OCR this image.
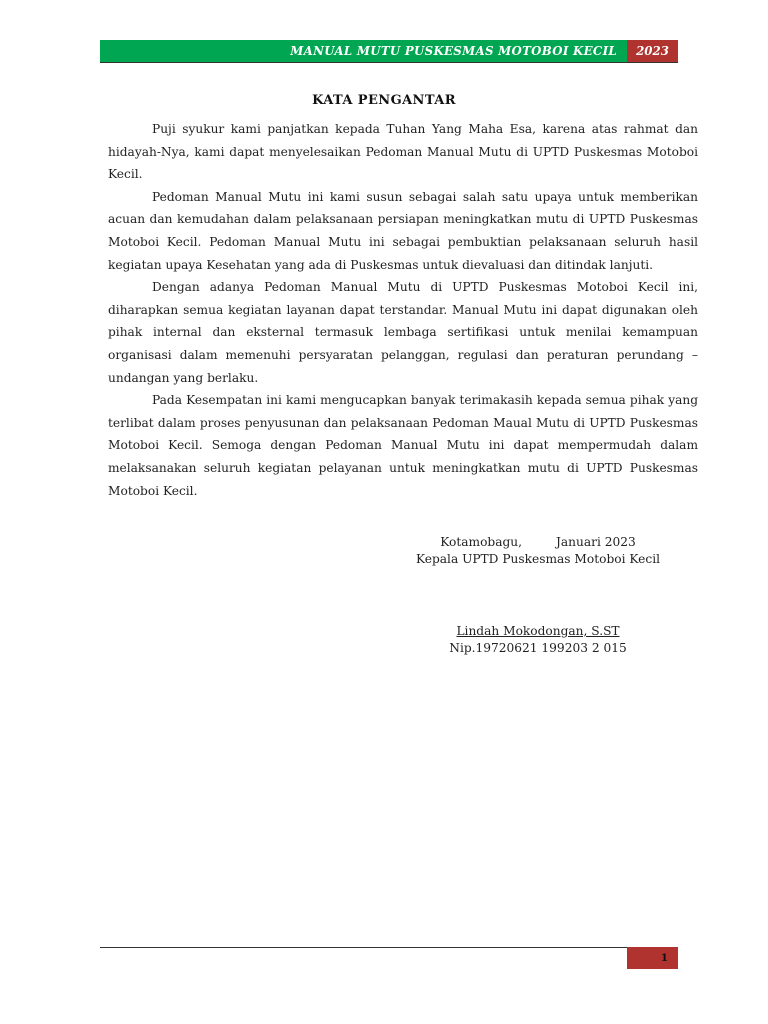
MANUAL MUTU PUSKESMAS MOTOBOI KECIL	2023
KATA PENGANTAR

Puji syukur kami panjatkan kepada Tuhan Yang Maha Esa, karena atas rahmat dan hidayah-Nya, kami dapat menyelesaikan Pedoman Manual Mutu di UPTD Puskesmas Motoboi Kecil.

Pedoman Manual Mutu ini kami susun sebagai salah satu upaya untuk memberikan acuan dan kemudahan dalam pelaksanaan persiapan meningkatkan mutu di UPTD Puskesmas Motoboi Kecil. Pedoman Manual Mutu ini sebagai pembuktian pelaksanaan seluruh hasil kegiatan upaya Kesehatan yang ada di Puskesmas untuk dievaluasi dan ditindak lanjuti.

Dengan adanya Pedoman Manual Mutu di UPTD Puskesmas Motoboi Kecil ini, diharapkan semua kegiatan layanan dapat terstandar. Manual Mutu ini dapat digunakan oleh pihak internal dan eksternal termasuk lembaga sertifikasi untuk menilai kemampuan organisasi dalam memenuhi persyaratan pelanggan, regulasi dan peraturan perundang – undangan yang berlaku.

Pada Kesempatan ini kami mengucapkan banyak terimakasih kepada semua pihak yang terlibat dalam proses penyusunan dan pelaksanaan Pedoman Maual Mutu di UPTD Puskesmas Motoboi Kecil. Semoga dengan Pedoman Manual Mutu ini dapat mempermudah dalam melaksanakan seluruh kegiatan pelayanan untuk meningkatkan mutu di UPTD Puskesmas Motoboi Kecil.

Kotamobagu,	Januari 2023
Kepala UPTD Puskesmas Motoboi Kecil
Lindah Mokodongan, S.ST
Nip.19720621 199203 2 015
1
